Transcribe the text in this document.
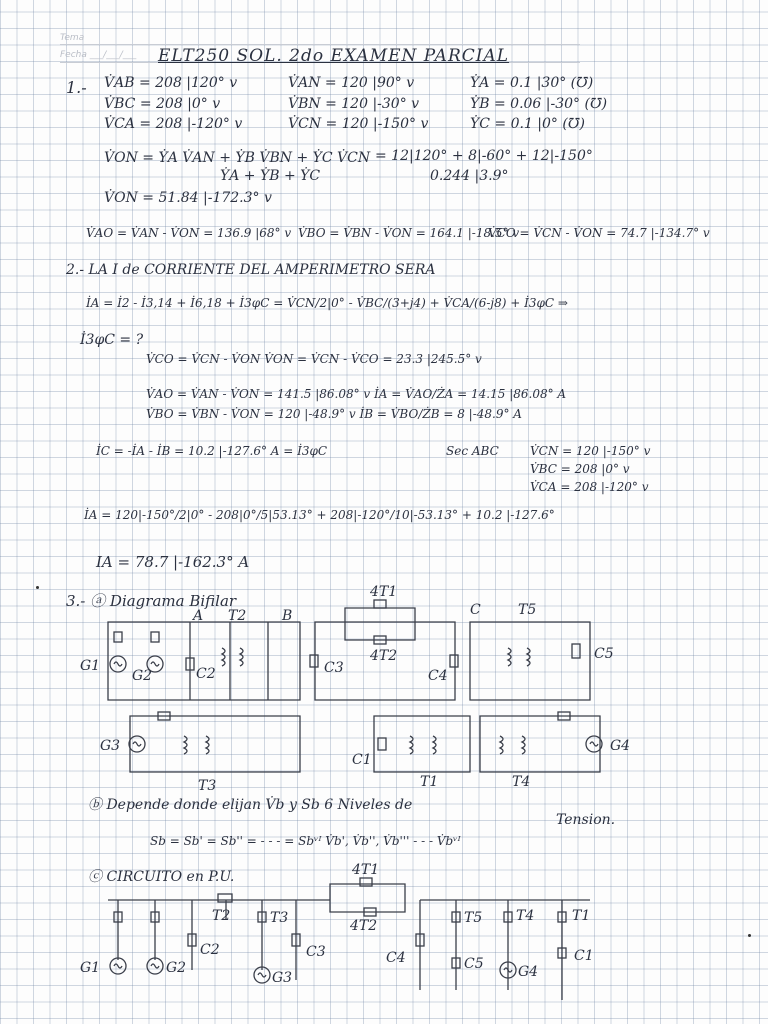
Tema
Fecha ___/___/___ ELT250 SOL. 2do EXAMEN PARCIAL
1.- V̇AB = 208 |120° v	V̇AN = 120 |90° v	ẎA = 0.1 |30° (℧)
V̇BC = 208 |0° v	V̇BN = 120 |-30° v	ẎB = 0.06 |-30° (℧)
V̇CA = 208 |-120° v	V̇CN = 120 |-150° v	ẎC = 0.1 |0° (℧)
V̇ON = ẎA V̇AN + ẎB V̇BN + ẎC V̇CN = 12|120° + 8|-60° + 12|-150°
ẎA + ẎB + ẎC	0.244 |3.9°
V̇ON = 51.84 |-172.3° v
V̇AO = V̇AN - V̇ON = 136.9 |68° v V̇BO = V̇BN - V̇ON = 164.1 |-18.5° v
V̇CO = V̇CN - V̇ON = 74.7 |-134.7° v
2.- LA I de CORRIENTE DEL AMPERIMETRO SERA
İA = İ2 - İ3,14 + İ6,18 + İ3φC = V̇CN/2|0° - V̇BC/(3+j4) + V̇CA/(6-j8) + İ3φC ⇒
İ3φC = ?
V̇CO = V̇CN - V̇ON V̇ON = V̇CN - V̇CO = 23.3 |245.5° v
V̇AO = V̇AN - V̇ON = 141.5 |86.08° v İA = V̇AO/ŻA = 14.15 |86.08° A
V̇BO = V̇BN - V̇ON = 120 |-48.9° v İB = V̇BO/ŻB = 8 |-48.9° A
İC = -İA - İB = 10.2 |-127.6° A = İ3φC	Sec ABC	V̇CN = 120 |-150° v
V̇BC = 208 |0° v
V̇CA = 208 |-120° v
İA = 120|-150°/2|0° - 208|0°/5|53.13° + 208|-120°/10|-53.13° + 10.2 |-127.6°
IA = 78.7 |-162.3° A
3.- ⓐ Diagrama Bifilar
A T2	B
4T1
4T2
C	T5
C5
G1
G2	C2	C3	C4
G3
C1
G4
T3	T1	T4
4T1
4T2
T2	T3	T5 T4	T1
C2	C3	C4	C5	C1
G1	G2
G3	G4
ⓑ Depende donde elijan V̇b y Sb 6 Niveles de
Tension.
Sb = Sb' = Sb'' = - - - = Sbᵛᴵ V̇b', V̇b'', V̇b''' - - - V̇bᵛᴵ
ⓒ CIRCUITO en P.U.
